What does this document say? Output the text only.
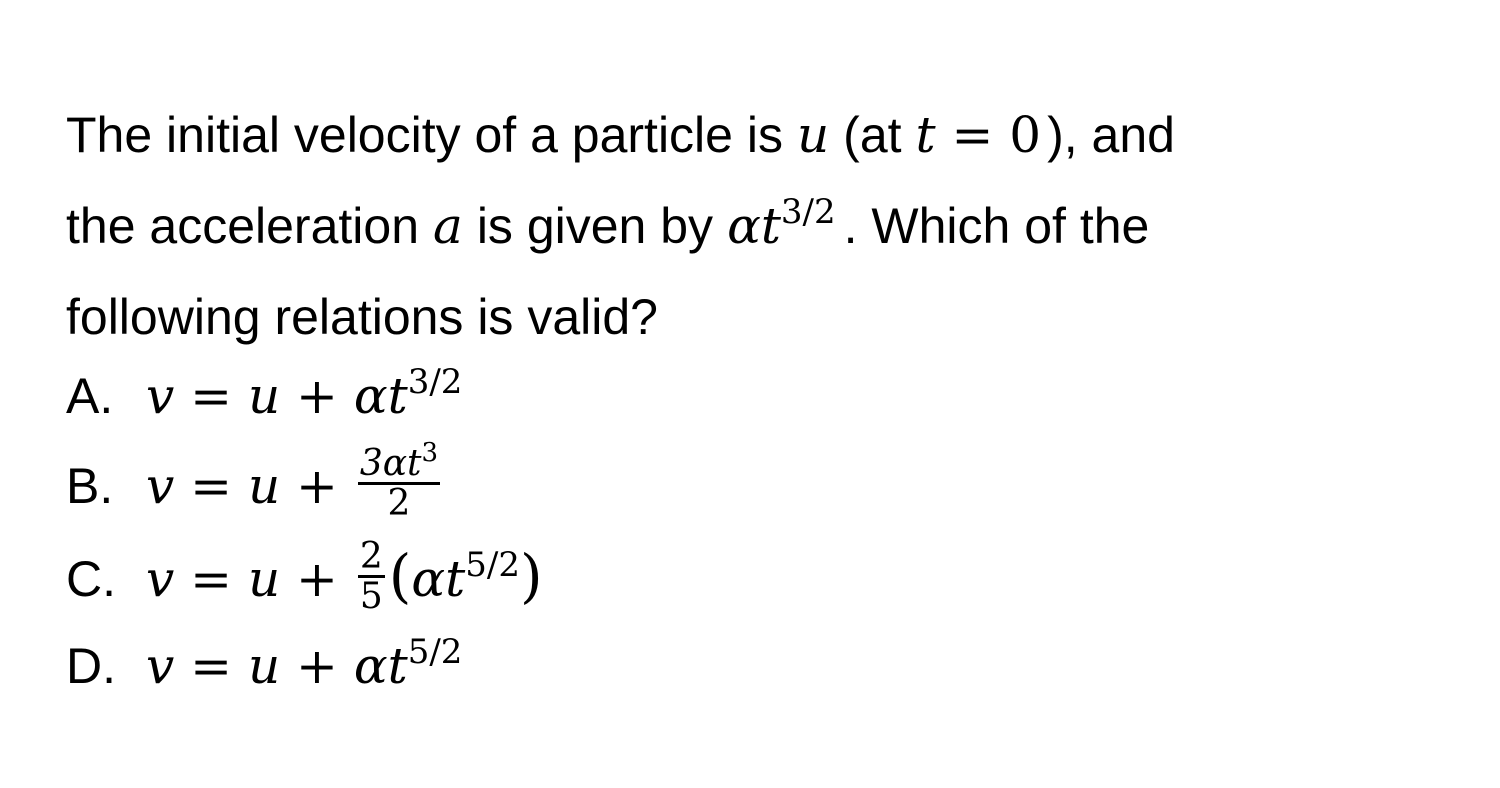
The initial velocity of a particle is u (at t = 0 ), and
the acceleration a is given by $\alpha t^{3/2}$ . Which of the
following relations is valid?
A. $v = u + \alpha t^{3/2}$
B. $v = u + \frac{3\alpha t^3}{2}$
C. $v = u + \frac{2}{5} (\alpha t^{5/2})$
D. $v = u + \alpha t^{5/2}$
